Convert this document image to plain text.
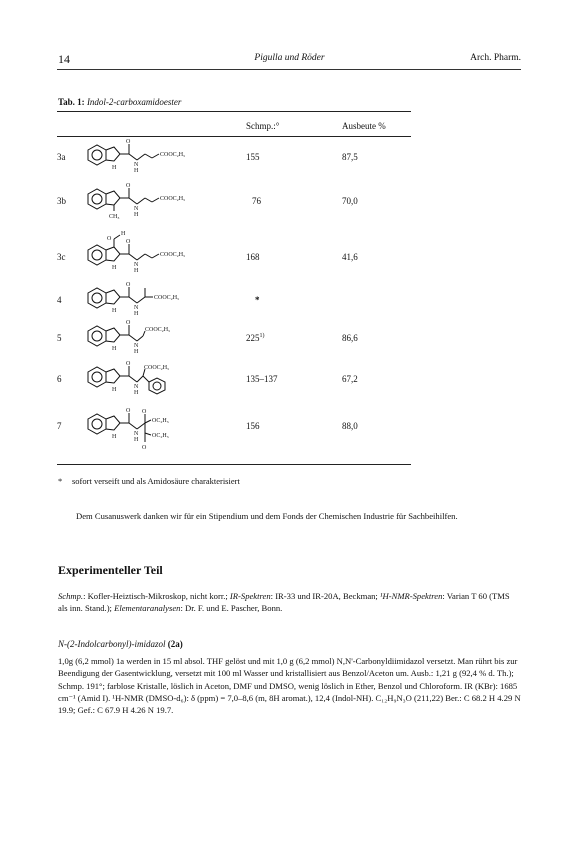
14	Pigulla und Röder	Arch. Pharm.
Tab. 1: Indol-2-carboxamidoester
Schmp.:°	Ausbeute %
3a
O
H	N
H
COOC₂H₅	155	87,5
3b
O
CH₃
N
H
COOC₂H₅	76	70,0
3c
O
H
O
H	N
H
COOC₂H₅	168	41,6
4
O
H	N
H
COOC₂H₅	*
5
O
H	N
H
COOC₂H₅
225$^{1)}$	86,6
6
O
H	N
H
COOC₂H₅
135–137	67,2
7
O O
H	N
H
OC₂H₅
OC₂H₅
O
156	88,0
* sofort verseift und als Amidosäure charakterisiert
Dem Cusanuswerk danken wir für ein Stipendium und dem Fonds der Chemischen Industrie für Sachbeihilfen.
Experimenteller Teil
Schmp.: Kofler-Heiztisch-Mikroskop, nicht korr.; IR-Spektren: IR-33 und IR-20A, Beckman; ¹H-NMR-Spektren: Varian T 60 (TMS als inn. Stand.); Elementaranalysen: Dr. F. und E. Pascher, Bonn.
N-(2-Indolcarbonyl)-imidazol (2a)
1,0g (6,2 mmol) 1a werden in 15 ml absol. THF gelöst und mit 1,0 g (6,2 mmol) N,N'-Carbonyldiimidazol versetzt. Man rührt bis zur Beendigung der Gasentwicklung, versetzt mit 100 ml Wasser und kristallisiert aus Benzol/Aceton um. Ausb.: 1,21 g (92,4 % d. Th.); Schmp. 191°; farblose Kristalle, löslich in Aceton, DMF und DMSO, wenig löslich in Ether, Benzol und Chloroform. IR (KBr): 1685 cm⁻¹ (Amid I). ¹H-NMR (DMSO-d₆): δ (ppm) = 7,0–8,6 (m, 8H aromat.), 12,4 (Indol-NH). C₁₂H₉N₃O (211,22) Ber.: C 68.2 H 4.29 N 19.9; Gef.: C 67.9 H 4.26 N 19.7.
